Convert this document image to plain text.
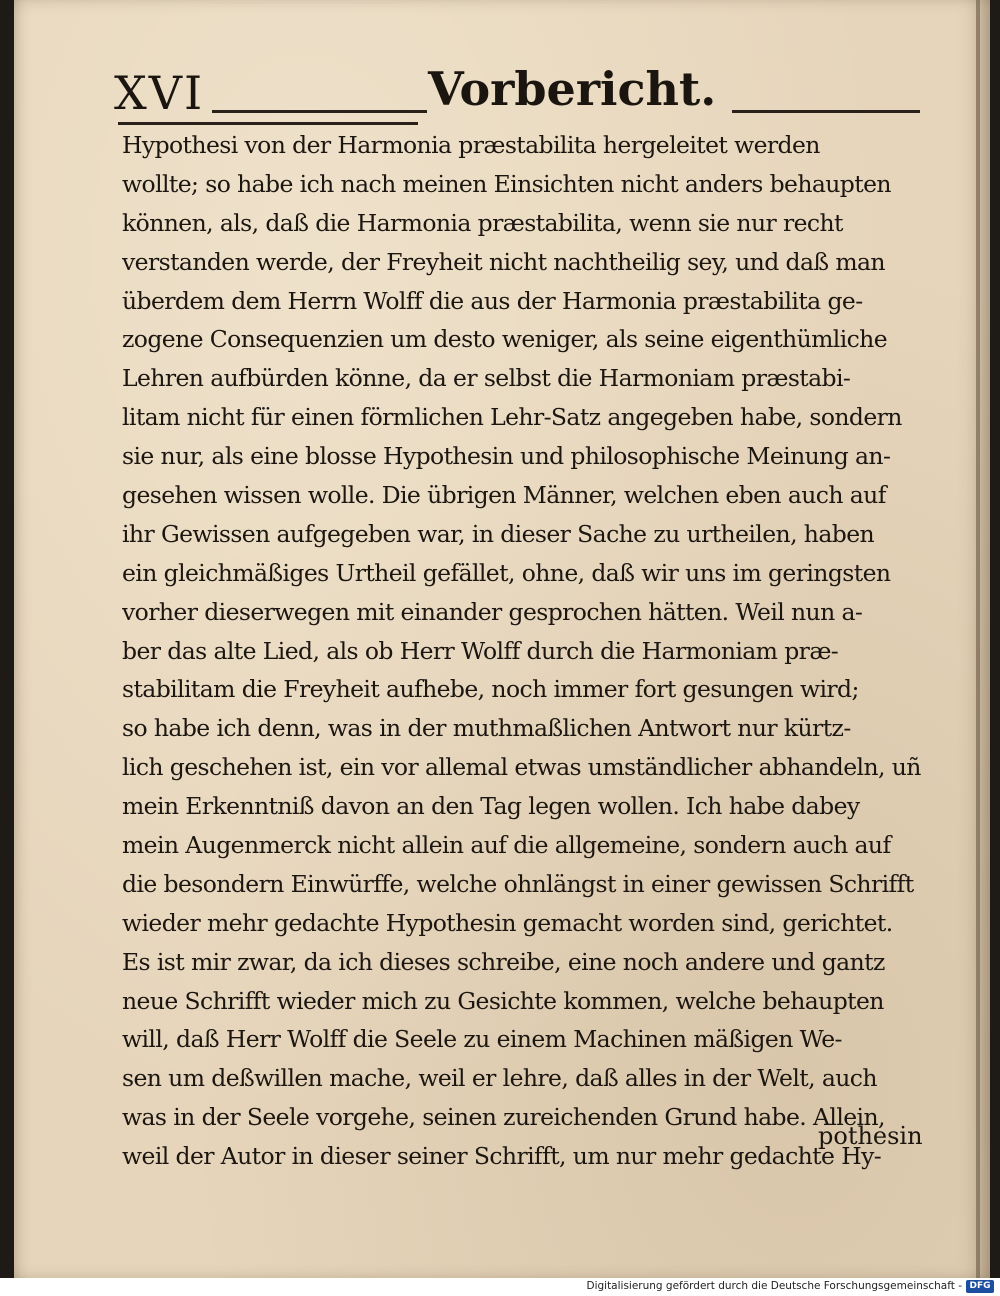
XVI	Vorbericht.
Hypothesi von der Harmonia præstabilita hergeleitet werden
wollte; so habe ich nach meinen Einsichten nicht anders behaupten
können, als, daß die Harmonia præstabilita, wenn sie nur recht
verstanden werde, der Freyheit nicht nachtheilig sey, und daß man
überdem dem Herrn Wolff die aus der Harmonia præstabilita ge-
zogene Consequenzien um desto weniger, als seine eigenthümliche
Lehren aufbürden könne, da er selbst die Harmoniam præstabi-
litam nicht für einen förmlichen Lehr-Satz angegeben habe, sondern
sie nur, als eine blosse Hypothesin und philosophische Meinung an-
gesehen wissen wolle. Die übrigen Männer, welchen eben auch auf
ihr Gewissen aufgegeben war, in dieser Sache zu urtheilen, haben
ein gleichmäßiges Urtheil gefället, ohne, daß wir uns im geringsten
vorher dieserwegen mit einander gesprochen hätten. Weil nun a-
ber das alte Lied, als ob Herr Wolff durch die Harmoniam præ-
stabilitam die Freyheit aufhebe, noch immer fort gesungen wird;
so habe ich denn, was in der muthmaßlichen Antwort nur kürtz-
lich geschehen ist, ein vor allemal etwas umständlicher abhandeln, uñ
mein Erkenntniß davon an den Tag legen wollen. Ich habe dabey
mein Augenmerck nicht allein auf die allgemeine, sondern auch auf
die besondern Einwürffe, welche ohnlängst in einer gewissen Schrifft
wieder mehr gedachte Hypothesin gemacht worden sind, gerichtet.
Es ist mir zwar, da ich dieses schreibe, eine noch andere und gantz
neue Schrifft wieder mich zu Gesichte kommen, welche behaupten
will, daß Herr Wolff die Seele zu einem Machinen mäßigen We-
sen um deßwillen mache, weil er lehre, daß alles in der Welt, auch
was in der Seele vorgehe, seinen zureichenden Grund habe. Allein,
weil der Autor in dieser seiner Schrifft, um nur mehr gedachte Hy-
pothesin
Digitalisierung gefördert durch die Deutsche Forschungsgemeinschaft - DFG
